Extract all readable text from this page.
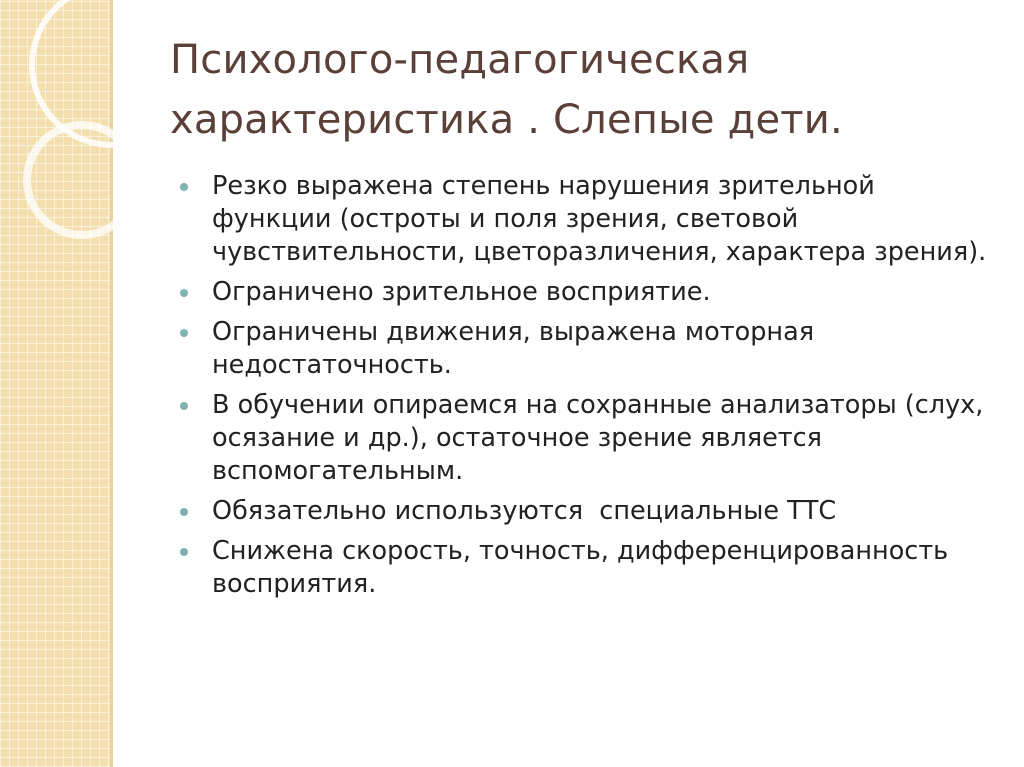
Психолого-педагогическая
характеристика . Слепые дети.
Резко выражена степень нарушения зрительной функции (остроты и поля зрения, световой чувствительности, цветоразличения, характера зрения).
Ограничено зрительное восприятие.
Ограничены движения, выражена моторная недостаточность.
В обучении опираемся на сохранные анализаторы (слух, осязание и др.), остаточное зрение является вспомогательным.
Обязательно используются  специальные ТТС
Снижена скорость, точность, дифференцированность восприятия.
